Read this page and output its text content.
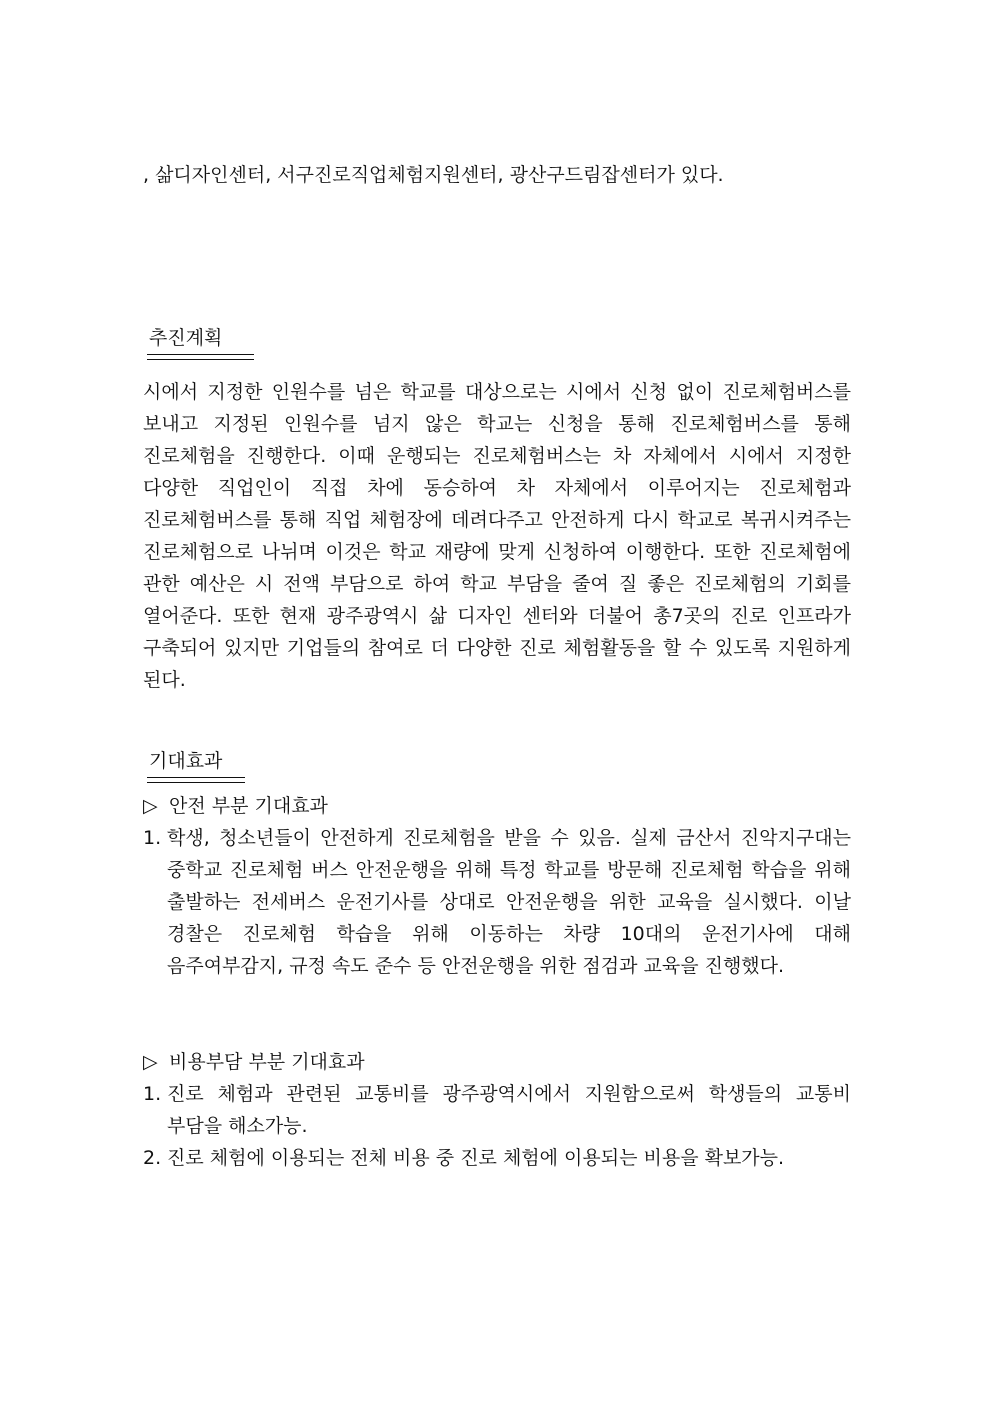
, 삶디자인센터, 서구진로직업체험지원센터, 광산구드림잡센터가 있다.
추진계획
시에서 지정한 인원수를 넘은 학교를 대상으로는 시에서 신청 없이 진로체험버스를 보내고 지정된 인원수를 넘지 않은 학교는 신청을 통해 진로체험버스를 통해 진로체험을 진행한다. 이때 운행되는 진로체험버스는 차 자체에서 시에서 지정한 다양한 직업인이 직접 차에 동승하여 차 자체에서 이루어지는 진로체험과 진로체험버스를 통해 직업 체험장에 데려다주고 안전하게 다시 학교로 복귀시켜주는 진로체험으로 나뉘며 이것은 학교 재량에 맞게 신청하여 이행한다. 또한 진로체험에 관한 예산은 시 전액 부담으로 하여 학교 부담을 줄여 질 좋은 진로체험의 기회를 열어준다. 또한 현재 광주광역시 삶 디자인 센터와 더불어 총7곳의 진로 인프라가 구축되어 있지만 기업들의 참여로 더 다양한 진로 체험활동을 할 수 있도록 지원하게 된다.
기대효과
▷ 안전 부분 기대효과
1. 학생, 청소년들이 안전하게 진로체험을 받을 수 있음. 실제 금산서 진악지구대는 중학교 진로체험 버스 안전운행을 위해 특정 학교를 방문해 진로체험 학습을 위해 출발하는 전세버스 운전기사를 상대로 안전운행을 위한 교육을 실시했다. 이날 경찰은 진로체험 학습을 위해 이동하는 차량 10대의 운전기사에 대해 음주여부감지, 규정 속도 준수 등 안전운행을 위한 점검과 교육을 진행했다.
▷ 비용부담 부분 기대효과
1. 진로 체험과 관련된 교통비를 광주광역시에서 지원함으로써 학생들의 교통비 부담을 해소가능.
2. 진로 체험에 이용되는 전체 비용 중 진로 체험에 이용되는 비용을 확보가능.
